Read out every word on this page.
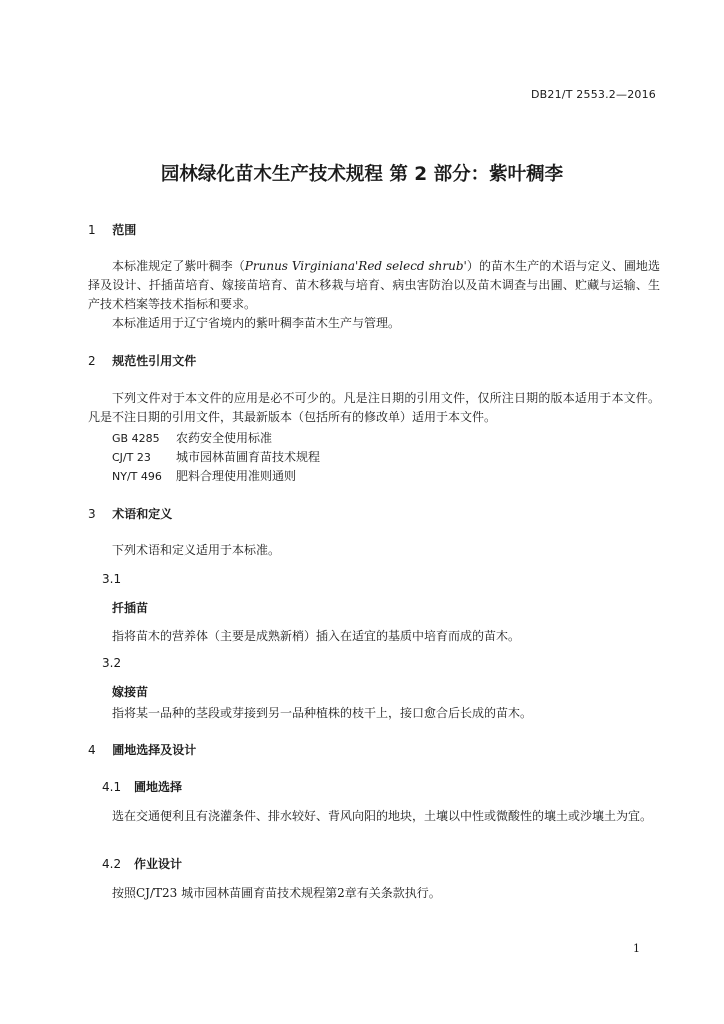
DB21/T 2553.2—2016
园林绿化苗木生产技术规程 第 2 部分：紫叶稠李
1 范围
本标准规定了紫叶稠李（Prunus Virginiana'Red selecd shrub'）的苗木生产的术语与定义、圃地选择及设计、扦插苗培育、嫁接苗培育、苗木移栽与培育、病虫害防治以及苗木调查与出圃、贮藏与运输、生产技术档案等技术指标和要求。
本标准适用于辽宁省境内的紫叶稠李苗木生产与管理。
2 规范性引用文件
下列文件对于本文件的应用是必不可少的。凡是注日期的引用文件，仅所注日期的版本适用于本文件。凡是不注日期的引用文件，其最新版本（包括所有的修改单）适用于本文件。
GB 4285 农药安全使用标准
CJ/T 23 城市园林苗圃育苗技术规程
NY/T 496 肥料合理使用准则通则
3 术语和定义
下列术语和定义适用于本标准。
3.1
扦插苗
指将苗木的营养体（主要是成熟新梢）插入在适宜的基质中培育而成的苗木。
3.2
嫁接苗
指将某一品种的茎段或芽接到另一品种植株的枝干上，接口愈合后长成的苗木。
4 圃地选择及设计
4.1 圃地选择
选在交通便利且有浇灌条件、排水较好、背风向阳的地块，土壤以中性或微酸性的壤土或沙壤土为宜。
4.2 作业设计
按照CJ/T23 城市园林苗圃育苗技术规程第2章有关条款执行。
1
